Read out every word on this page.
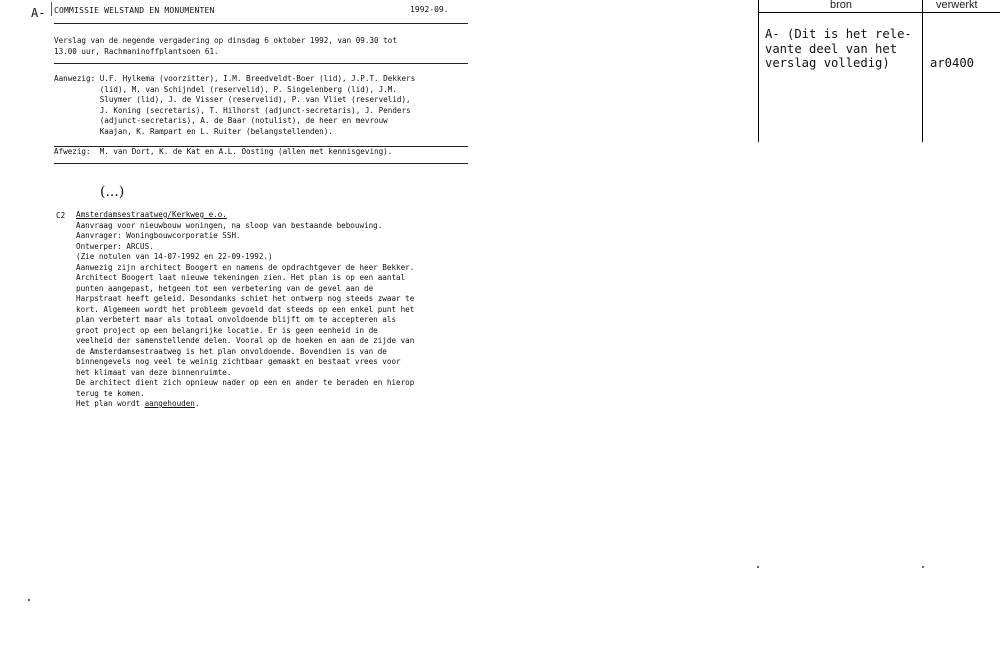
A- COMMISSIE WELSTAND EN MONUMENTEN	1992-09.
Verslag van de negende vergadering op dinsdag 6 oktober 1992, van 09.30 tot
13.00 uur, Rachmaninoffplantsoen 61.
Aanwezig: U.F. Hylkema (voorzitter), I.M. Breedveldt-Boer (lid), J.P.T. Dekkers
(lid), M. van Schijndel (reservelid), P. Singelenberg (lid), J.M.
Sluymer (lid), J. de Visser (reservelid), P. van Vliet (reservelid),
J. Koning (secretaris), T. Hilhorst (adjunct-secretaris), J. Penders
(adjunct-secretaris), A. de Baar (notulist), de heer en mevrouw
Kaajan, K. Rampart en L. Ruiter (belangstellenden).
Afwezig:  M. van Dort, K. de Kat en A.L. Oosting (allen met kennisgeving).
(...)
C2 Amsterdamsestraatweg/Kerkweg e.o.
Aanvraag voor nieuwbouw woningen, na sloop van bestaande bebouwing.
Aanvrager: Woningbouwcorporatie SSH.
Ontwerper: ARCUS.
(Zie notulen van 14-07-1992 en 22-09-1992.)
Aanwezig zijn architect Boogert en namens de opdrachtgever de heer Bekker.
Architect Boogert laat nieuwe tekeningen zien. Het plan is op een aantal
punten aangepast, hetgeen tot een verbetering van de gevel aan de
Harpstraat heeft geleid. Desondanks schiet het ontwerp nog steeds zwaar te
kort. Algemeen wordt het probleem gevoeld dat steeds op een enkel punt het
plan verbetert maar als totaal onvoldoende blijft om te accepteren als
groot project op een belangrijke locatie. Er is geen eenheid in de
veelheid der samenstellende delen. Vooral op de hoeken en aan de zijde van
de Amsterdamsestraatweg is het plan onvoldoende. Bovendien is van de
binnengevels nog veel te weinig zichtbaar gemaakt en bestaat vrees voor
het klimaat van deze binnenruimte.
De architect dient zich opnieuw nader op een en ander te beraden en hierop
terug te komen.
Het plan wordt aangehouden.
bron	verwerkt
A- (Dit is het rele-
vante deel van het
verslag volledig)	ar0400
